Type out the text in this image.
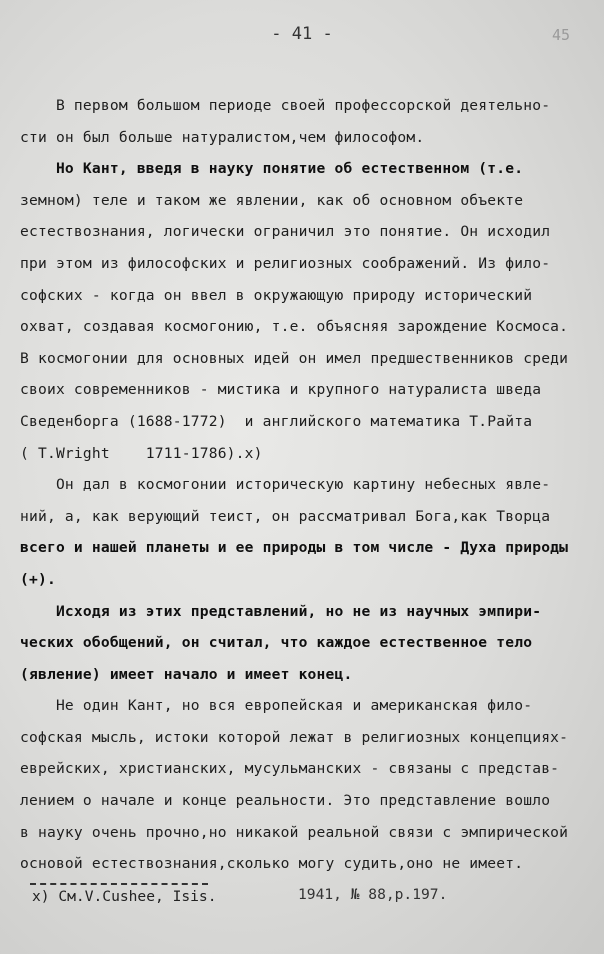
- 41 -	45
В первом большом периоде своей профессорской деятельно-
сти он был больше натуралистом,чем философом.
Но Кант, введя в науку понятие об естественном (т.е.
земном) теле и таком же явлении, как об основном объекте
естествознания, логически ограничил это понятие. Он исходил
при этом из философских и религиозных соображений. Из фило-
софских - когда он ввел в окружающую природу исторический
охват, создавая космогонию, т.е. объясняя зарождение Космоса.
В космогонии для основных идей он имел предшественников среди
своих современников - мистика и крупного натуралиста шведа
Сведенборга (1688-1772)  и английского математика Т.Райта
( T.Wright    1711-1786).x)
Он дал в космогонии историческую картину небесных явле-
ний, а, как верующий теист, он рассматривал Бога,как Творца
всего и нашей планеты и ее природы в том числе - Духа природы
(+).
Исходя из этих представлений, но не из научных эмпири-
ческих обобщений, он считал, что каждое естественное тело
(явление) имеет начало и имеет конец.
Не один Кант, но вся европейская и американская фило-
софская мысль, истоки которой лежат в религиозных концепциях-
еврейских, христианских, мусульманских - связаны с представ-
лением о начале и конце реальности. Это представление вошло
в науку очень прочно,но никакой реальной связи с эмпирической
основой естествознания,сколько могу судить,оно не имеет.
x) Cм.V.Cushee, Isis.	1941, № 88,p.197.
